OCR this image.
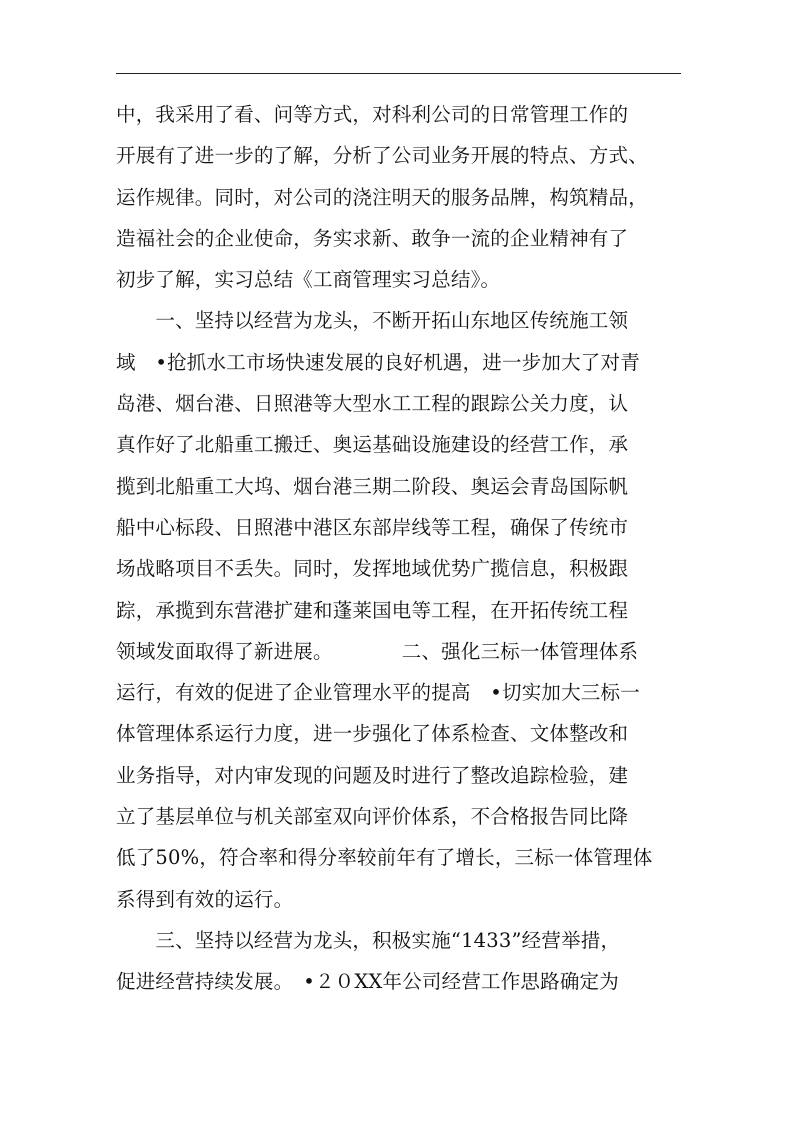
中，我采用了看、问等方式，对科利公司的日常管理工作的
开展有了进一步的了解，分析了公司业务开展的特点、方式、
运作规律。同时，对公司的浇注明天的服务品牌，构筑精品，
造福社会的企业使命，务实求新、敢争一流的企业精神有了
初步了解，实习总结《工商管理实习总结》。
　　一、坚持以经营为龙头，不断开拓山东地区传统施工领
域　•抢抓水工市场快速发展的良好机遇，进一步加大了对青
岛港、烟台港、日照港等大型水工工程的跟踪公关力度，认
真作好了北船重工搬迁、奥运基础设施建设的经营工作，承
揽到北船重工大坞、烟台港三期二阶段、奥运会青岛国际帆
船中心标段、日照港中港区东部岸线等工程，确保了传统市
场战略项目不丢失。同时，发挥地域优势广揽信息，积极跟
踪，承揽到东营港扩建和蓬莱国电等工程，在开拓传统工程
领域发面取得了新进展。　　　　二、强化三标一体管理体系
运行，有效的促进了企业管理水平的提高　•切实加大三标一
体管理体系运行力度，进一步强化了体系检查、文体整改和
业务指导，对内审发现的问题及时进行了整改追踪检验，建
立了基层单位与机关部室双向评价体系，不合格报告同比降
低了50%，符合率和得分率较前年有了增长，三标一体管理体
系得到有效的运行。
　　三、坚持以经营为龙头，积极实施“1433”经营举措，
促进经营持续发展。　•２０XX年公司经营工作思路确定为
